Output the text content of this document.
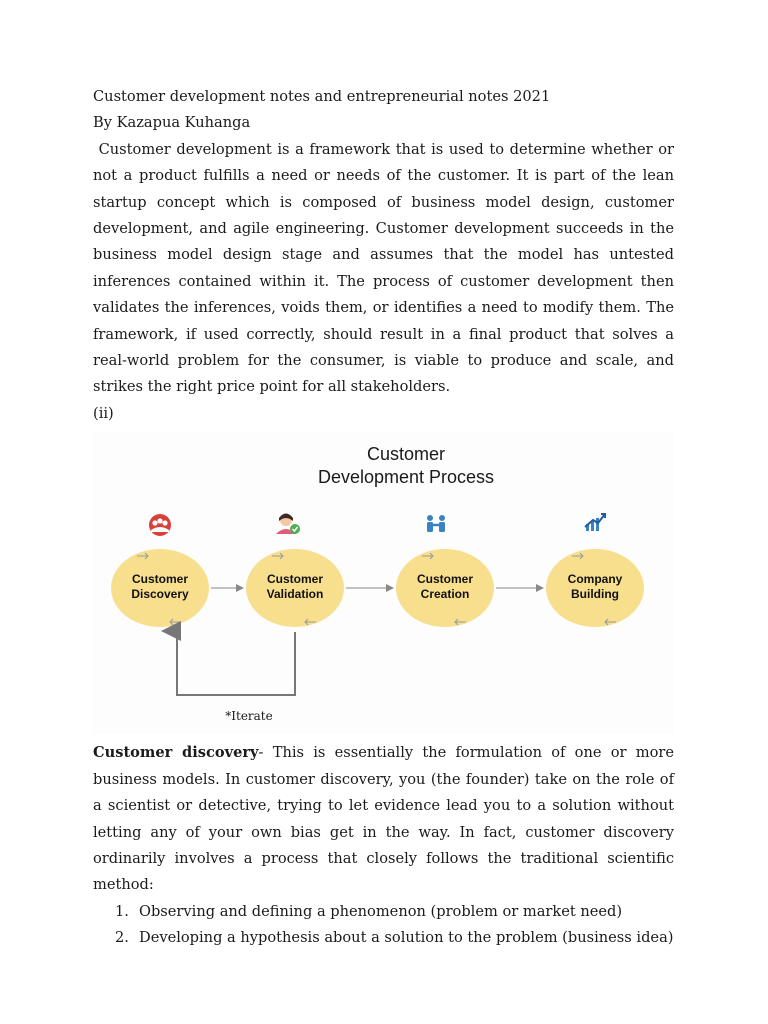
Customer development notes and entrepreneurial notes 2021
By Kazapua Kuhanga

Customer development is a framework that is used to determine whether or not a product fulfills a need or needs of the customer. It is part of the lean startup concept which is composed of business model design, customer development, and agile engineering. Customer development succeeds in the business model design stage and assumes that the model has untested inferences contained within it. The process of customer development then validates the inferences, voids them, or identifies a need to modify them. The framework, if used correctly, should result in a final product that solves a real-world problem for the consumer, is viable to produce and scale, and strikes the right price point for all stakeholders.

(ii)
Customer
Development Process
Customer
Discovery
Customer
Validation
Customer
Creation
Company
Building
*Iterate

Customer discovery- This is essentially the formulation of one or more business models. In customer discovery, you (the founder) take on the role of a scientist or detective, trying to let evidence lead you to a solution without letting any of your own bias get in the way. In fact, customer discovery ordinarily involves a process that closely follows the traditional scientific method:

1. Observing and defining a phenomenon (problem or market need)
2. Developing a hypothesis about a solution to the problem (business idea)
